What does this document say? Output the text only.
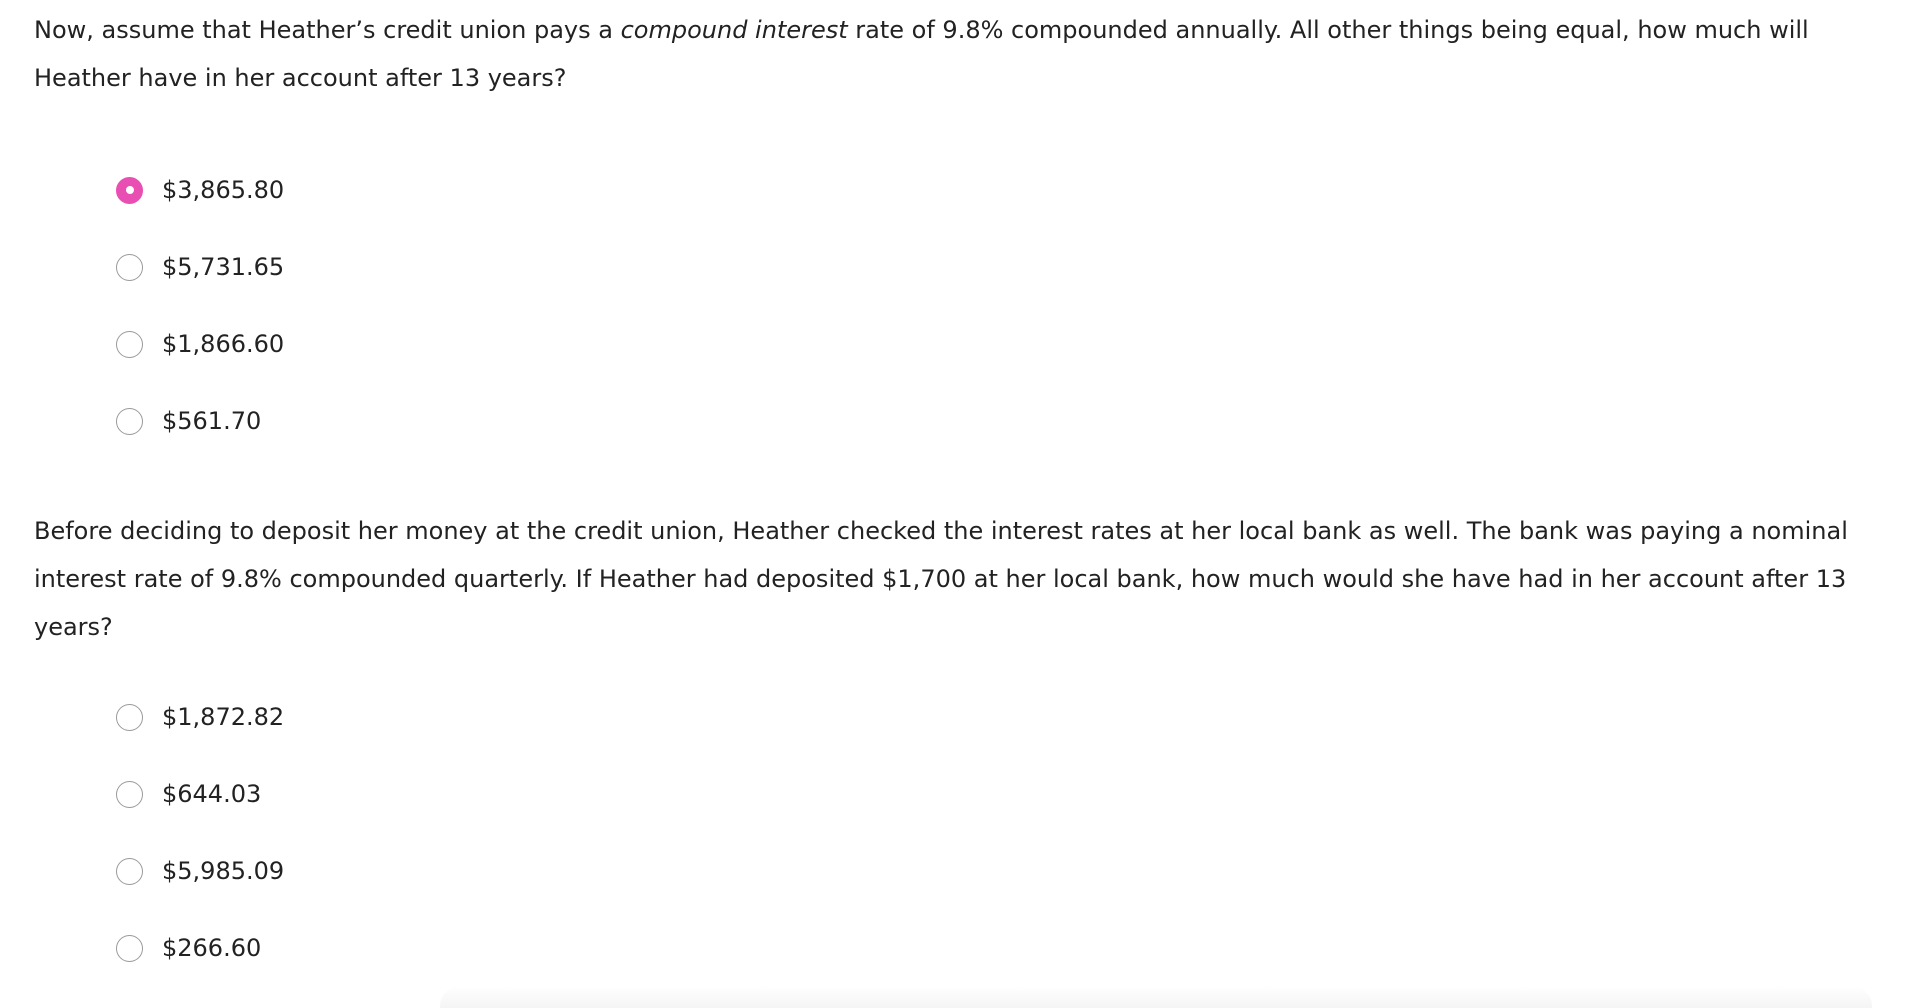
Now, assume that Heather’s credit union pays a compound interest rate of 9.8% compounded annually. All other things being equal, how much will Heather have in her account after 13 years?

$3,865.80
$5,731.65
$1,866.60
$561.70

Before deciding to deposit her money at the credit union, Heather checked the interest rates at her local bank as well. The bank was paying a nominal interest rate of 9.8% compounded quarterly. If Heather had deposited $1,700 at her local bank, how much would she have had in her account after 13 years?

$1,872.82
$644.03
$5,985.09
$266.60
